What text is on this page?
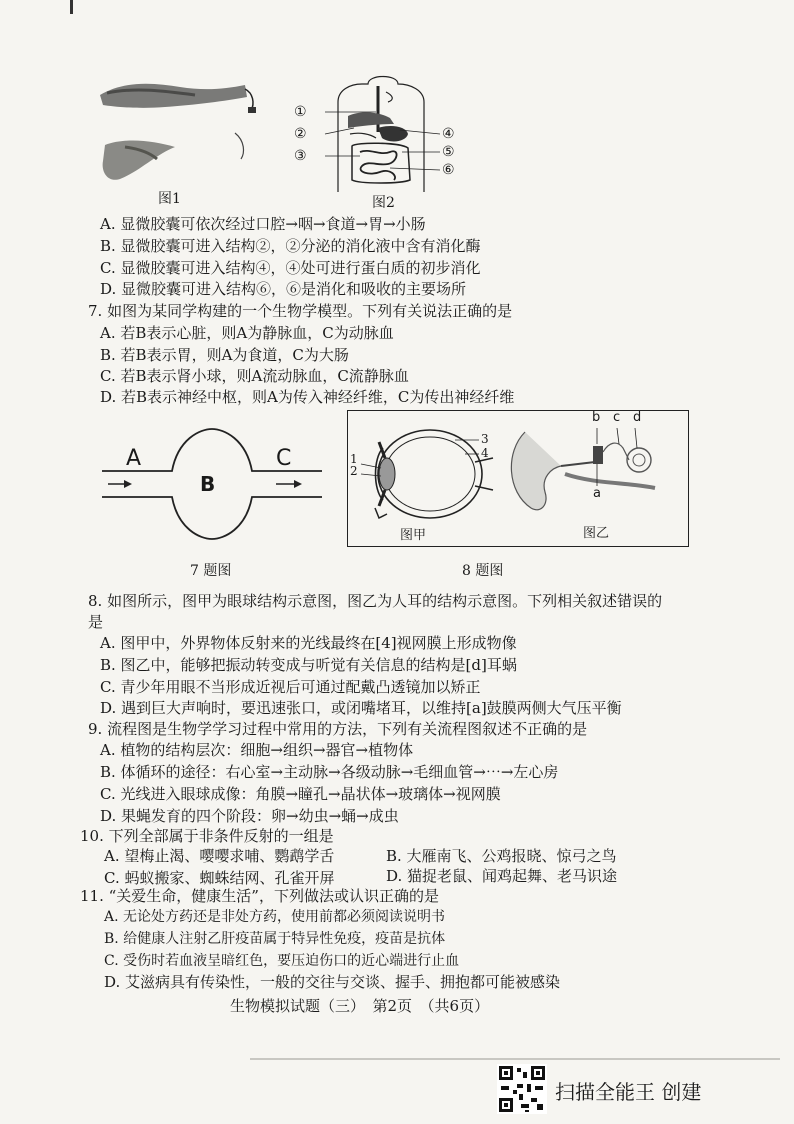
图1
①
②
③
④
⑤
⑥
图2
A. 显微胶囊可依次经过口腔→咽→食道→胃→小肠
B. 显微胶囊可进入结构②，②分泌的消化液中含有消化酶
C. 显微胶囊可进入结构④，④处可进行蛋白质的初步消化
D. 显微胶囊可进入结构⑥，⑥是消化和吸收的主要场所
7. 如图为某同学构建的一个生物学模型。下列有关说法正确的是
A. 若B表示心脏，则A为静脉血，C为动脉血
B. 若B表示胃，则A为食道，C为大肠
C. 若B表示肾小球，则A流动脉血，C流静脉血
D. 若B表示神经中枢，则A为传入神经纤维，C为传出神经纤维
A
B
C
7 题图
1
2
3
4
图甲
b c d
a
图乙
8 题图
8. 如图所示，图甲为眼球结构示意图，图乙为人耳的结构示意图。下列相关叙述错误的
是
A. 图甲中，外界物体反射来的光线最终在[4]视网膜上形成物像
B. 图乙中，能够把振动转变成与听觉有关信息的结构是[d]耳蜗
C. 青少年用眼不当形成近视后可通过配戴凸透镜加以矫正
D. 遇到巨大声响时，要迅速张口，或闭嘴堵耳，以维持[a]鼓膜两侧大气压平衡
9. 流程图是生物学学习过程中常用的方法，下列有关流程图叙述不正确的是
A. 植物的结构层次：细胞→组织→器官→植物体
B. 体循环的途径：右心室→主动脉→各级动脉→毛细血管→⋯→左心房
C. 光线进入眼球成像：角膜→瞳孔→晶状体→玻璃体→视网膜
D. 果蝇发育的四个阶段：卵→幼虫→蛹→成虫
10. 下列全部属于非条件反射的一组是
A. 望梅止渴、嘤嘤求哺、鹦鹉学舌	B. 大雁南飞、公鸡报晓、惊弓之鸟
C. 蚂蚁搬家、蜘蛛结网、孔雀开屏	D. 猫捉老鼠、闻鸡起舞、老马识途
11. “关爱生命，健康生活”，下列做法或认识正确的是
A. 无论处方药还是非处方药，使用前都必须阅读说明书
B. 给健康人注射乙肝疫苗属于特异性免疫，疫苗是抗体
C. 受伤时若血液呈暗红色，要压迫伤口的近心端进行止血
D. 艾滋病具有传染性，一般的交往与交谈、握手、拥抱都可能被感染
生物模拟试题（三）　第2页　（共6页）
扫描全能王 创建
